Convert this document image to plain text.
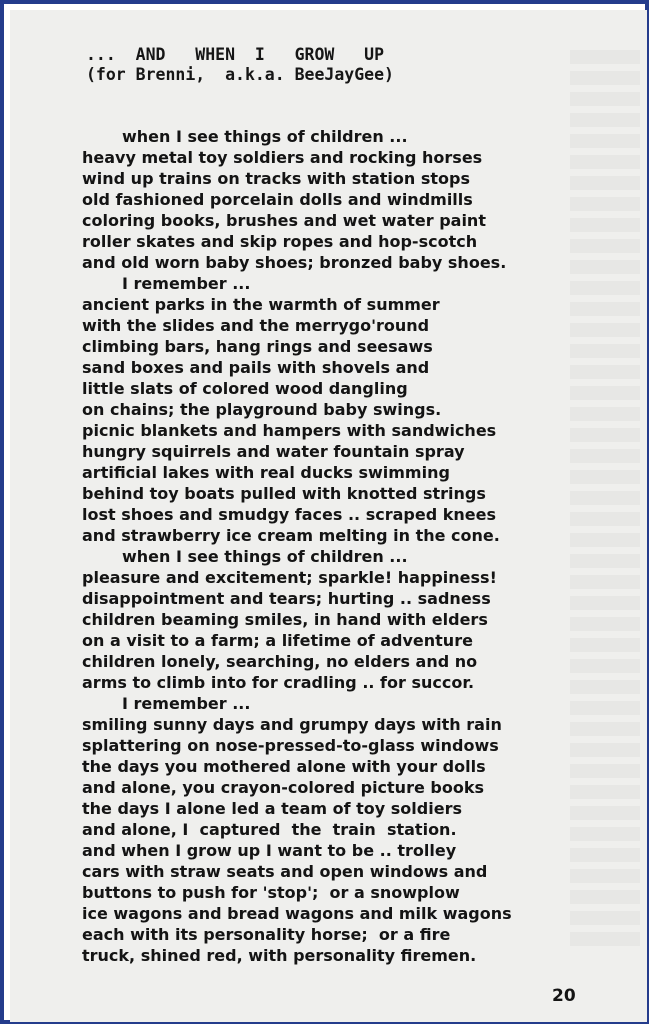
...  AND   WHEN  I   GROW   UP
(for Brenni,  a.k.a. BeeJayGee)
when I see things of children ...
heavy metal toy soldiers and rocking horses
wind up trains on tracks with station stops
old fashioned porcelain dolls and windmills
coloring books, brushes and wet water paint
roller skates and skip ropes and hop-scotch
and old worn baby shoes; bronzed baby shoes.
I remember ...
ancient parks in the warmth of summer
with the slides and the merrygo'round
climbing bars, hang rings and seesaws
sand boxes and pails with shovels and
little slats of colored wood dangling
on chains; the playground baby swings.
picnic blankets and hampers with sandwiches
hungry squirrels and water fountain spray
artificial lakes with real ducks swimming
behind toy boats pulled with knotted strings
lost shoes and smudgy faces .. scraped knees
and strawberry ice cream melting in the cone.
when I see things of children ...
pleasure and excitement; sparkle! happiness!
disappointment and tears; hurting .. sadness
children beaming smiles, in hand with elders
on a visit to a farm; a lifetime of adventure
children lonely, searching, no elders and no
arms to climb into for cradling .. for succor.
I remember ...
smiling sunny days and grumpy days with rain
splattering on nose-pressed-to-glass windows
the days you mothered alone with your dolls
and alone, you crayon-colored picture books
the days I alone led a team of toy soldiers
and alone, I  captured  the  train  station.
and when I grow up I want to be .. trolley
cars with straw seats and open windows and
buttons to push for 'stop';  or a snowplow
ice wagons and bread wagons and milk wagons
each with its personality horse;  or a fire
truck, shined red, with personality firemen.
20
